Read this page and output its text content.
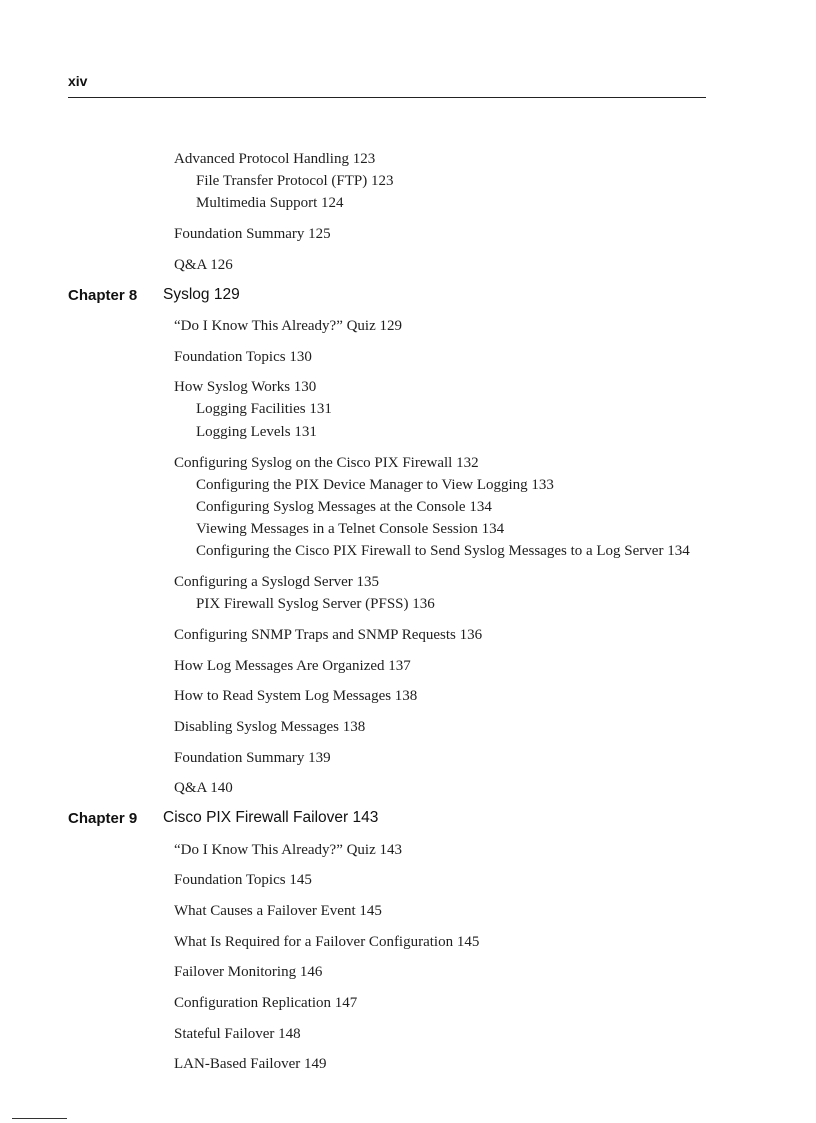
xiv
Advanced Protocol Handling 123
File Transfer Protocol (FTP) 123
Multimedia Support 124
Foundation Summary 125
Q&A 126
Chapter 8 Syslog 129
“Do I Know This Already?” Quiz 129
Foundation Topics 130
How Syslog Works 130
Logging Facilities 131
Logging Levels 131
Configuring Syslog on the Cisco PIX Firewall 132
Configuring the PIX Device Manager to View Logging 133
Configuring Syslog Messages at the Console 134
Viewing Messages in a Telnet Console Session 134
Configuring the Cisco PIX Firewall to Send Syslog Messages to a Log Server 134
Configuring a Syslogd Server 135
PIX Firewall Syslog Server (PFSS) 136
Configuring SNMP Traps and SNMP Requests 136
How Log Messages Are Organized 137
How to Read System Log Messages 138
Disabling Syslog Messages 138
Foundation Summary 139
Q&A 140
Chapter 9 Cisco PIX Firewall Failover 143
“Do I Know This Already?” Quiz 143
Foundation Topics 145
What Causes a Failover Event 145
What Is Required for a Failover Configuration 145
Failover Monitoring 146
Configuration Replication 147
Stateful Failover 148
LAN-Based Failover 149
